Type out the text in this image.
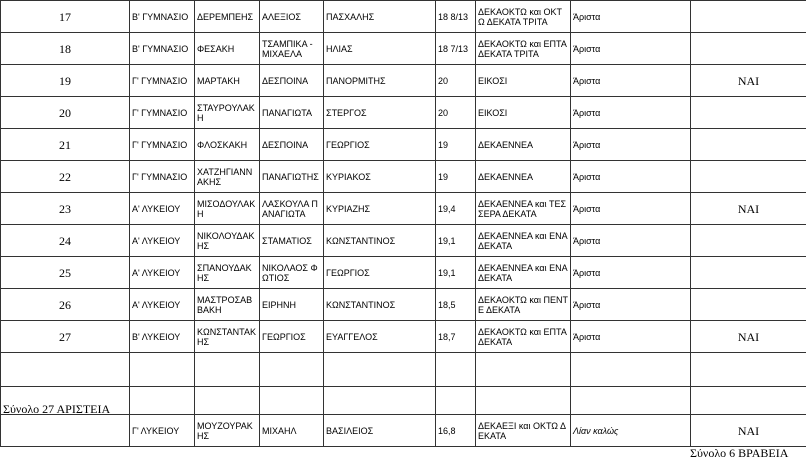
17	Β' ΓΥΜΝΑΣΙΟ	ΔΕΡΕΜΠΕΗΣ	ΑΛΕΞΙΟΣ	ΠΑΣΧΑΛΗΣ	18 8/13	ΔΕΚΑΟΚΤΩ και ΟΚΤΩ ΔΕΚΑΤΑ ΤΡΙΤΑ	Άριστα	
18	Β' ΓΥΜΝΑΣΙΟ	ΦΕΣΑΚΗ	ΤΣΑΜΠΙΚΑ - ΜΙΧΑΕΛΑ	ΗΛΙΑΣ	18 7/13	ΔΕΚΑΟΚΤΩ και ΕΠΤΑ ΔΕΚΑΤΑ ΤΡΙΤΑ	Άριστα	
19	Γ' ΓΥΜΝΑΣΙΟ	ΜΑΡΤΑΚΗ	ΔΕΣΠΟΙΝΑ	ΠΑΝΟΡΜΙΤΗΣ	20	ΕΙΚΟΣΙ	Άριστα	ΝΑΙ
20	Γ' ΓΥΜΝΑΣΙΟ	ΣΤΑΥΡΟΥΛΑΚΗ	ΠΑΝΑΓΙΩΤΑ	ΣΤΕΡΓΟΣ	20	ΕΙΚΟΣΙ	Άριστα	
21	Γ' ΓΥΜΝΑΣΙΟ	ΦΛΟΣΚΑΚΗ	ΔΕΣΠΟΙΝΑ	ΓΕΩΡΓΙΟΣ	19	ΔΕΚΑΕΝΝΕΑ	Άριστα	
22	Γ' ΓΥΜΝΑΣΙΟ	ΧΑΤΖΗΓΙΑΝΝΑΚΗΣ	ΠΑΝΑΓΙΩΤΗΣ	ΚΥΡΙΑΚΟΣ	19	ΔΕΚΑΕΝΝΕΑ	Άριστα	
23	Α' ΛΥΚΕΙΟΥ	ΜΙΣΟΔΟΥΛΑΚΗ	ΛΑΣΚΟΥΛΑ ΠΑΝΑΓΙΩΤΑ	ΚΥΡΙΑΖΗΣ	19,4	ΔΕΚΑΕΝΝΕΑ και ΤΕΣΣΕΡΑ ΔΕΚΑΤΑ	Άριστα	ΝΑΙ
24	Α' ΛΥΚΕΙΟΥ	ΝΙΚΟΛΟΥΔΑΚΗΣ	ΣΤΑΜΑΤΙΟΣ	ΚΩΝΣΤΑΝΤΙΝΟΣ	19,1	ΔΕΚΑΕΝΝΕΑ και ΕΝΑ ΔΕΚΑΤΑ	Άριστα	
25	Α' ΛΥΚΕΙΟΥ	ΣΠΑΝΟΥΔΑΚΗΣ	ΝΙΚΟΛΑΟΣ ΦΩΤΙΟΣ	ΓΕΩΡΓΙΟΣ	19,1	ΔΕΚΑΕΝΝΕΑ και ΕΝΑ ΔΕΚΑΤΑ	Άριστα	
26	Α' ΛΥΚΕΙΟΥ	ΜΑΣΤΡΟΣΑΒΒΑΚΗ	ΕΙΡΗΝΗ	ΚΩΝΣΤΑΝΤΙΝΟΣ	18,5	ΔΕΚΑΟΚΤΩ και ΠΕΝΤΕ ΔΕΚΑΤΑ	Άριστα	
27	Β' ΛΥΚΕΙΟΥ	ΚΩΝΣΤΑΝΤΑΚΗΣ	ΓΕΩΡΓΙΟΣ	ΕΥΑΓΓΕΛΟΣ	18,7	ΔΕΚΑΟΚΤΩ και ΕΠΤΑ ΔΕΚΑΤΑ	Άριστα	ΝΑΙ

Σύνολο 27 ΑΡΙΣΤΕΙΑ								
	Γ' ΛΥΚΕΙΟΥ	ΜΟΥΖΟΥΡΑΚΗΣ	ΜΙΧΑΗΛ	ΒΑΣΙΛΕΙΟΣ	16,8	ΔΕΚΑΕΞΙ και ΟΚΤΩ ΔΕΚΑΤΑ	Λίαν καλώς	ΝΑΙ
Σύνολο 6 ΒΡΑΒΕΙΑ
